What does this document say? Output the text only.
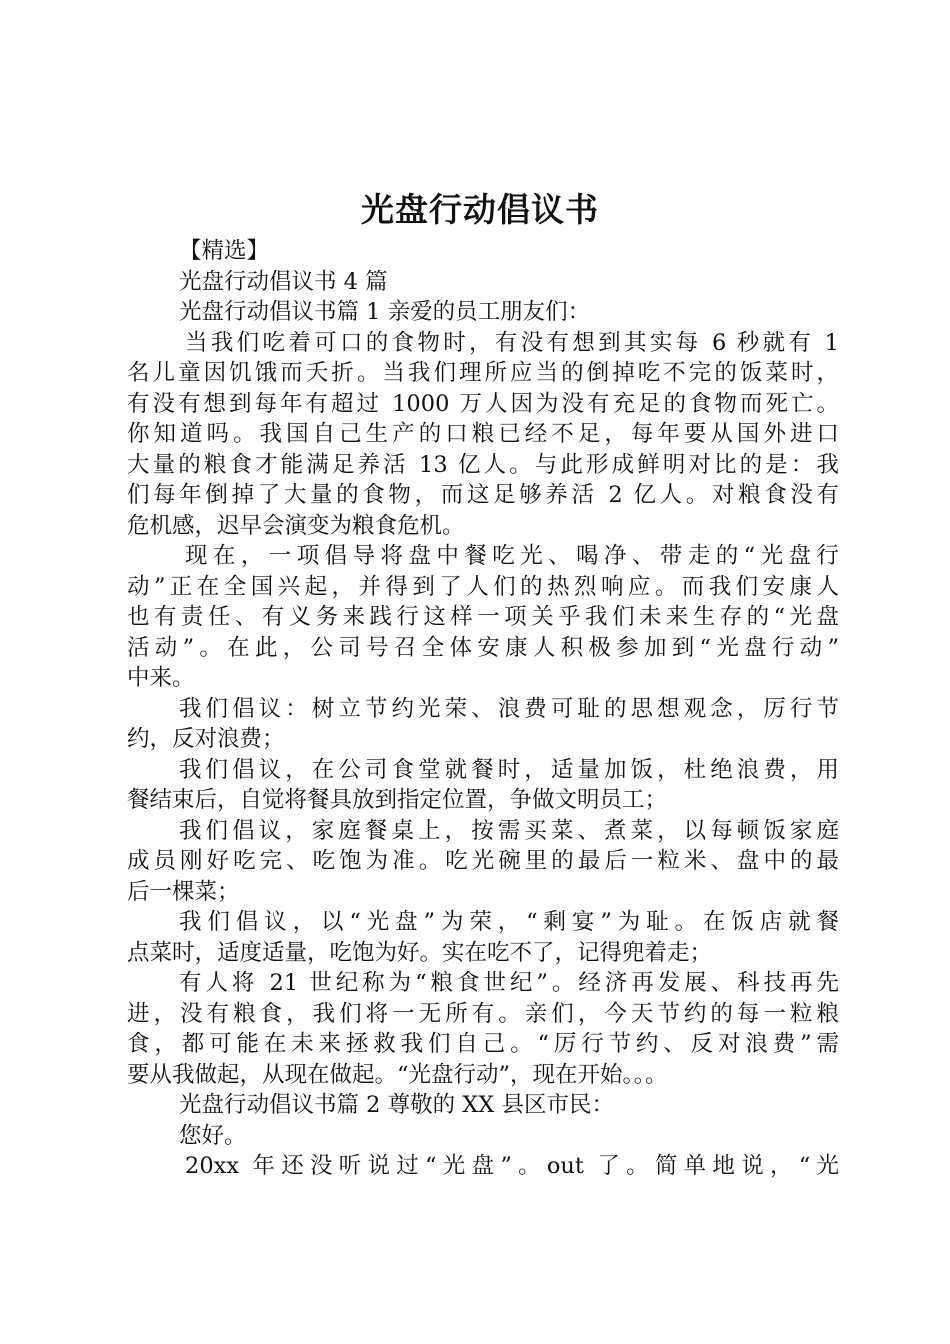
光盘行动倡议书
【精选】
光盘行动倡议书 4 篇
光盘行动倡议书篇 1 亲爱的员工朋友们：
当我们吃着可口的食物时，有没有想到其实每 6 秒就有 1
名儿童因饥饿而夭折。当我们理所应当的倒掉吃不完的饭菜时，
有没有想到每年有超过 1000 万人因为没有充足的食物而死亡。
你知道吗。我国自己生产的口粮已经不足，每年要从国外进口
大量的粮食才能满足养活 13 亿人。与此形成鲜明对比的是：我
们每年倒掉了大量的食物，而这足够养活 2 亿人。对粮食没有
危机感，迟早会演变为粮食危机。
现在，一项倡导将盘中餐吃光、喝净、带走的“光盘行
动”正在全国兴起，并得到了人们的热烈响应。而我们安康人
也有责任、有义务来践行这样一项关乎我们未来生存的“光盘
活动”。在此，公司号召全体安康人积极参加到“光盘行动”
中来。
我们倡议：树立节约光荣、浪费可耻的思想观念，厉行节
约，反对浪费；
我们倡议，在公司食堂就餐时，适量加饭，杜绝浪费，用
餐结束后，自觉将餐具放到指定位置，争做文明员工；
我们倡议，家庭餐桌上，按需买菜、煮菜，以每顿饭家庭
成员刚好吃完、吃饱为准。吃光碗里的最后一粒米、盘中的最
后一棵菜；
我们倡议，以“光盘”为荣，“剩宴”为耻。在饭店就餐
点菜时，适度适量，吃饱为好。实在吃不了，记得兜着走；
有人将 21 世纪称为“粮食世纪”。经济再发展、科技再先
进，没有粮食，我们将一无所有。亲们，今天节约的每一粒粮
食，都可能在未来拯救我们自己。“厉行节约、反对浪费”需
要从我做起，从现在做起。“光盘行动”，现在开始。。。
光盘行动倡议书篇 2 尊敬的 XX 县区市民：
您好。
20xx 年还没听说过“光盘”。out 了。简单地说，“光
